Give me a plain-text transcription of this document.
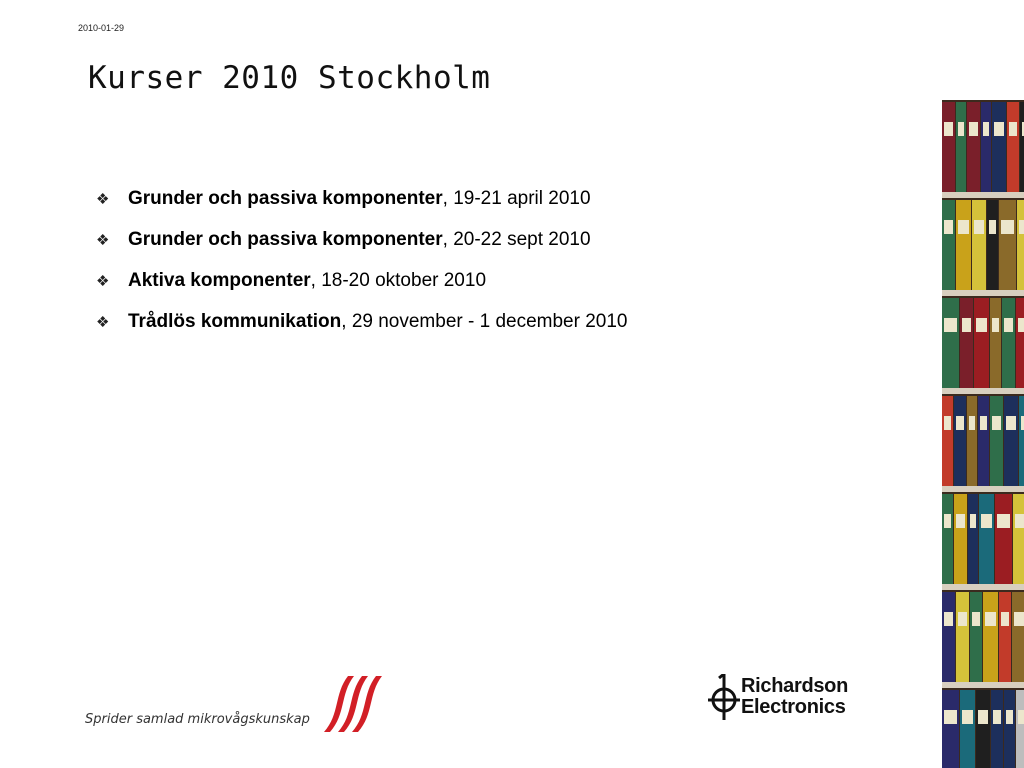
2010-01-29
Kurser 2010 Stockholm
❖ Grunder och passiva komponenter, 19-21 april 2010
❖ Grunder och passiva komponenter, 20-22 sept 2010
❖ Aktiva komponenter, 18-20 oktober 2010
❖ Trådlös kommunikation, 29 november - 1 december 2010
Sprider samlad mikrovågskunskap
Richardson
Electronics
